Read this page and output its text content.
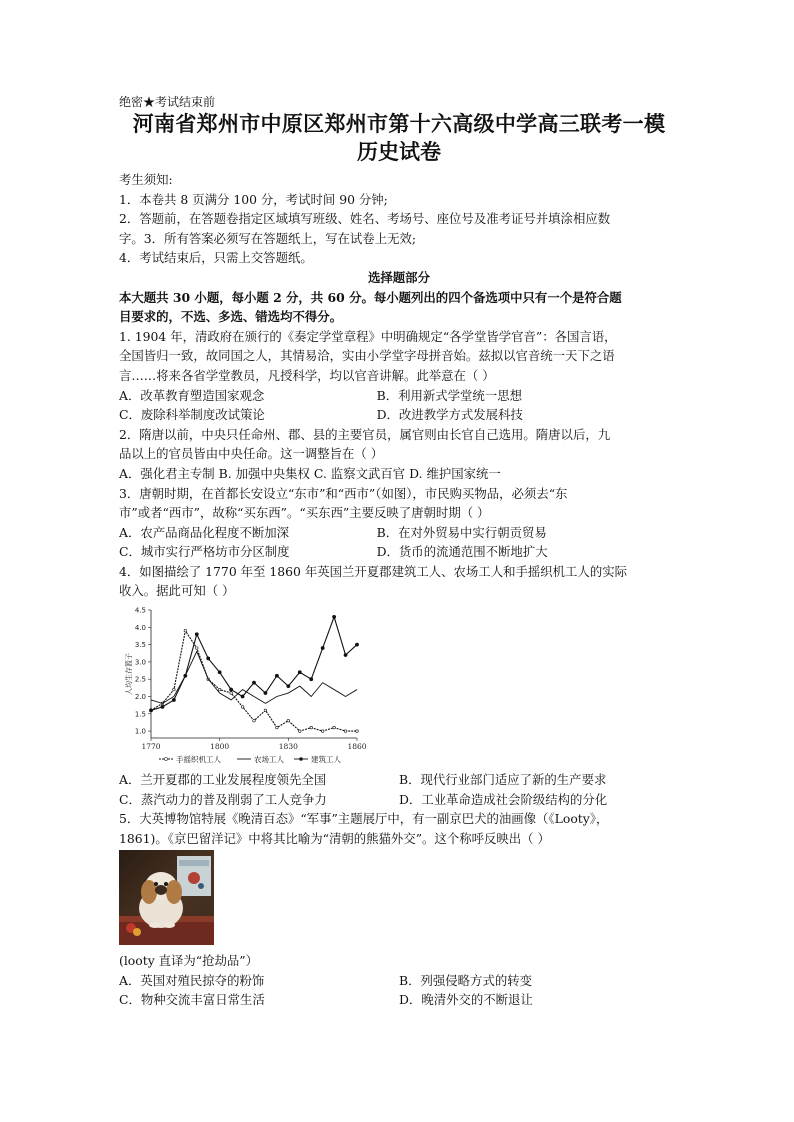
绝密★考试结束前
河南省郑州市中原区郑州市第十六高级中学高三联考一模
历史试卷

考生须知:

1．本卷共 8 页满分 100 分，考试时间 90 分钟;

2．答题前，在答题卷指定区域填写班级、姓名、考场号、座位号及准考证号并填涂相应数

字。3．所有答案必须写在答题纸上，写在试卷上无效;

4．考试结束后，只需上交答题纸。

选择题部分

本大题共 30 小题，每小题 2 分，共 60 分。每小题列出的四个备选项中只有一个是符合题

目要求的，不选、多选、错选均不得分。

1. 1904 年，清政府在颁行的《奏定学堂章程》中明确规定“各学堂皆学官音”：各国言语，

全国皆归一致，故同国之人，其情易洽，实由小学堂字母拼音始。兹拟以官音统一天下之语

言……将来各省学堂教员，凡授科学，均以官音讲解。此举意在（ ）

A．改革教育塑造国家观念	B．利用新式学堂统一思想
C．废除科举制度改试策论	D．改进教学方式发展科技

2．隋唐以前，中央只任命州、郡、县的主要官员，属官则由长官自己选用。隋唐以后，九

品以上的官员皆由中央任命。这一调整旨在（ ）

A．强化君主专制 B. 加强中央集权 C. 监察文武百官 D. 维护国家统一

3．唐朝时期，在首都长安设立“东市”和“西市”（如图），市民购买物品，必须去“东

市”或者“西市”，故称“买东西”。“买东西”主要反映了唐朝时期（ ）

A．农产品商品化程度不断加深	B．在对外贸易中实行朝贡贸易
C．城市实行严格坊市分区制度	D．货币的流通范围不断地扩大

4．如图描绘了 1770 年至 1860 年英国兰开夏郡建筑工人、农场工人和手摇织机工人的实际

收入。据此可知（ ）

1.0
1.5
2.0
2.5
3.0
3.5
4.0
4.5
1770	1800	1830	1860
人均生存篮子
手摇织机工人	农场工人	建筑工人
A．兰开夏郡的工业发展程度领先全国	B．现代行业部门适应了新的生产要求
C．蒸汽动力的普及削弱了工人竞争力	D．工业革命造成社会阶级结构的分化

5．大英博物馆特展《晚清百态》“军事”主题展厅中，有一副京巴犬的油画像（《Looty》，

1861)。《京巴留洋记》中将其比喻为“清朝的熊猫外交”。这个称呼反映出（ ）

(looty 直译为“抢劫品”）

A．英国对殖民掠夺的粉饰	B．列强侵略方式的转变
C．物种交流丰富日常生活	D．晚清外交的不断退让
